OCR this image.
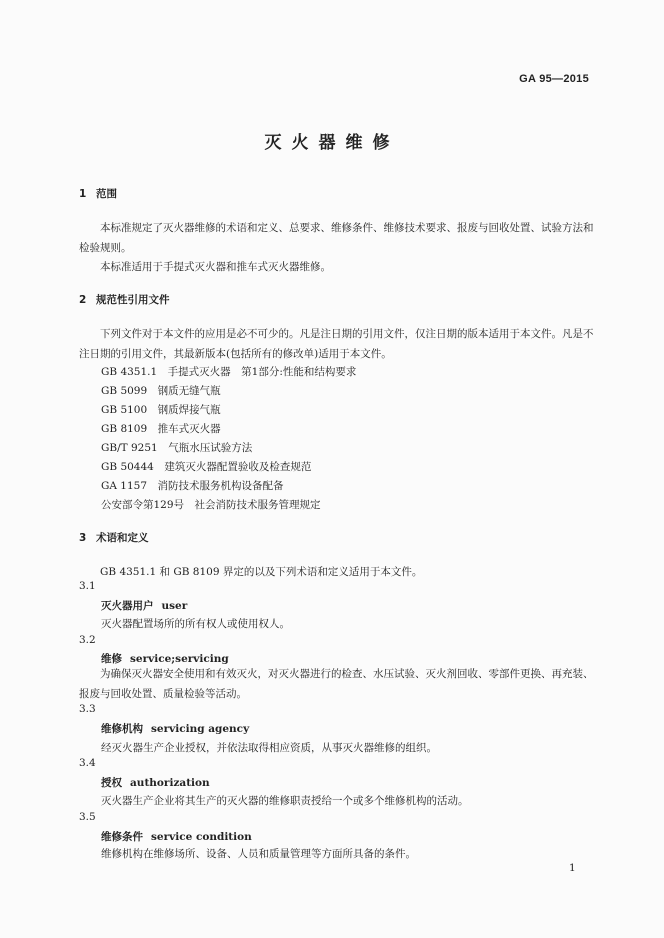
GA 95—2015
灭火器维修
1 范围
本标准规定了灭火器维修的术语和定义、总要求、维修条件、维修技术要求、报废与回收处置、试验方法和检验规则。
本标准适用于手提式灭火器和推车式灭火器维修。
2 规范性引用文件
下列文件对于本文件的应用是必不可少的。凡是注日期的引用文件，仅注日期的版本适用于本文件。凡是不注日期的引用文件，其最新版本(包括所有的修改单)适用于本文件。
GB 4351.1　手提式灭火器　第1部分:性能和结构要求
GB 5099　钢质无缝气瓶
GB 5100　钢质焊接气瓶
GB 8109　推车式灭火器
GB/T 9251　气瓶水压试验方法
GB 50444　建筑灭火器配置验收及检查规范
GA 1157　消防技术服务机构设备配备
公安部令第129号　社会消防技术服务管理规定
3 术语和定义
GB 4351.1 和 GB 8109 界定的以及下列术语和定义适用于本文件。
3.1
灭火器用户 user
灭火器配置场所的所有权人或使用权人。
3.2
维修 service;servicing
为确保灭火器安全使用和有效灭火，对灭火器进行的检查、水压试验、灭火剂回收、零部件更换、再充装、报废与回收处置、质量检验等活动。
3.3
维修机构 servicing agency
经灭火器生产企业授权，并依法取得相应资质，从事灭火器维修的组织。
3.4
授权 authorization
灭火器生产企业将其生产的灭火器的维修职责授给一个或多个维修机构的活动。
3.5
维修条件 service condition
维修机构在维修场所、设备、人员和质量管理等方面所具备的条件。
1
